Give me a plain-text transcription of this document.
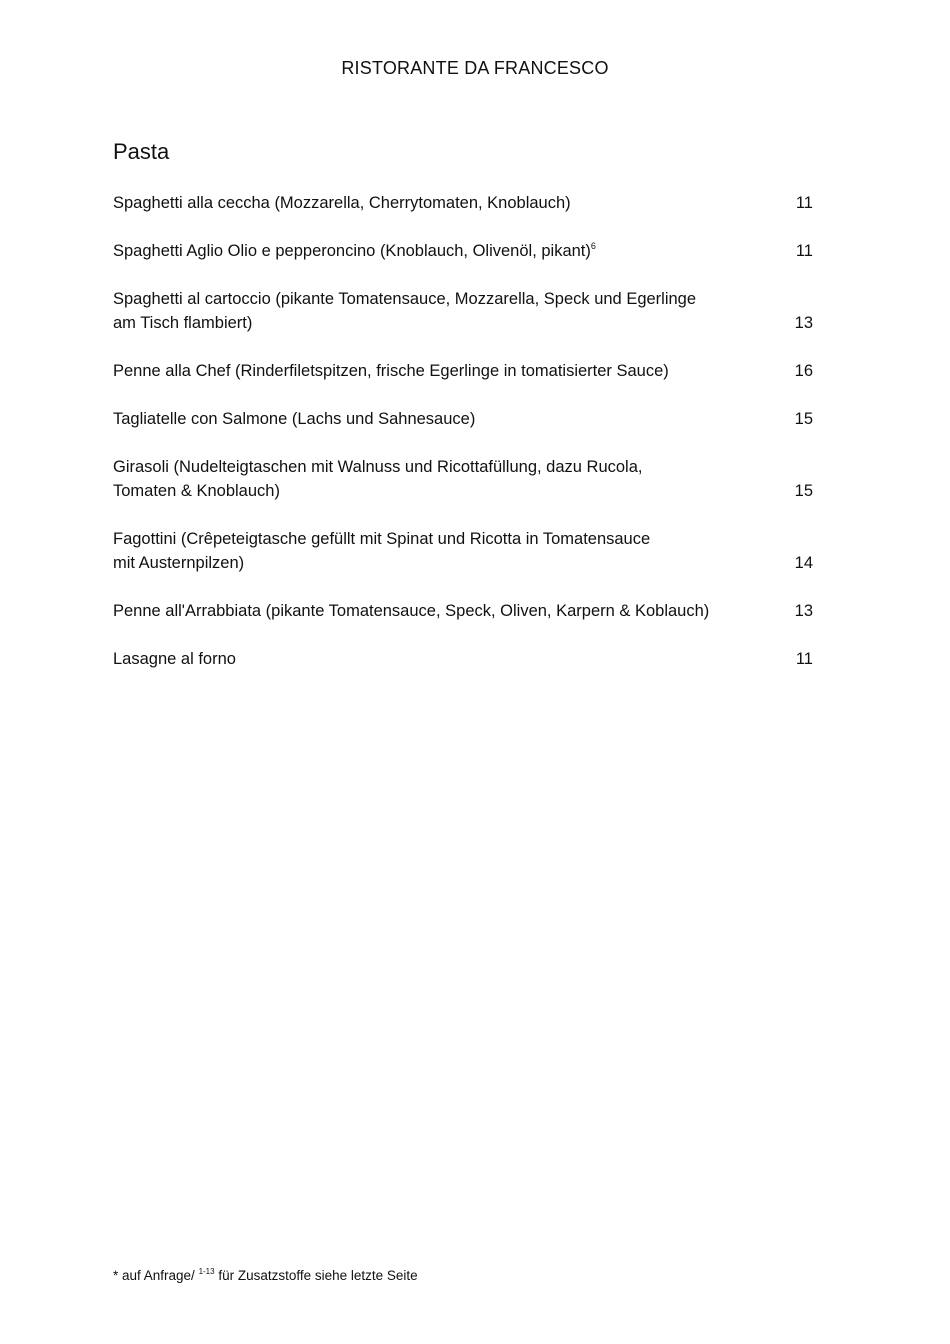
RISTORANTE DA FRANCESCO
Pasta
Spaghetti alla ceccha (Mozzarella, Cherrytomaten, Knoblauch)	11
Spaghetti Aglio Olio e pepperoncino (Knoblauch, Olivenöl, pikant)$^6$	11
Spaghetti al cartoccio (pikante Tomatensauce, Mozzarella, Speck und Egerlinge
am Tisch flambiert)	13
Penne alla Chef (Rinderfiletspitzen, frische Egerlinge in tomatisierter Sauce)	16
Tagliatelle con Salmone (Lachs und Sahnesauce)	15
Girasoli (Nudelteigtaschen mit Walnuss und Ricottafüllung, dazu Rucola,
Tomaten & Knoblauch)	15
Fagottini (Crêpeteigtasche gefüllt mit Spinat und Ricotta in Tomatensauce
mit Austernpilzen)	14
Penne all'Arrabbiata (pikante Tomatensauce, Speck, Oliven, Karpern & Koblauch)	13
Lasagne al forno	11
* auf Anfrage/ $^{1-13}$ für Zusatzstoffe siehe letzte Seite
